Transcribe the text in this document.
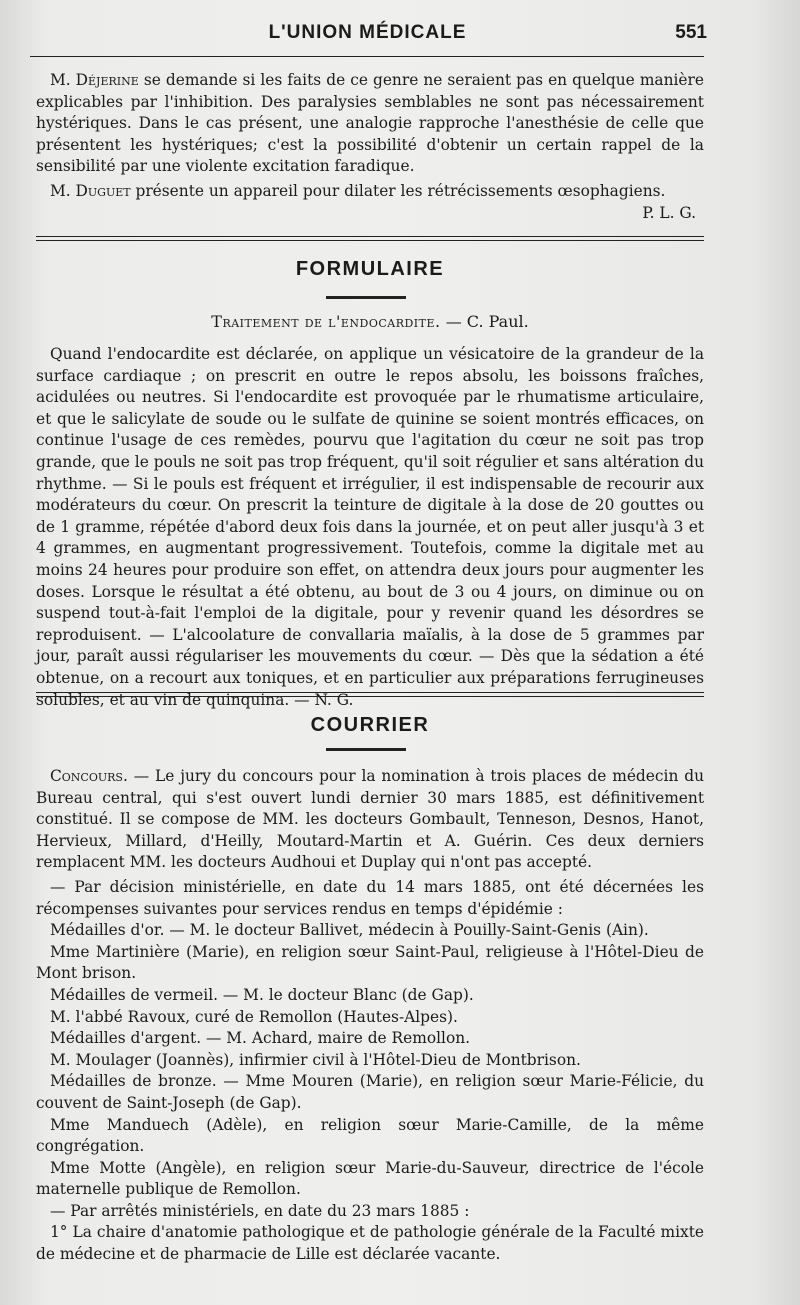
L'UNION MÉDICALE	551

M. Déjerine se demande si les faits de ce genre ne seraient pas en quelque manière explicables par l'inhibition. Des paralysies semblables ne sont pas nécessairement hystériques. Dans le cas présent, une analogie rapproche l'anesthésie de celle que présentent les hystériques; c'est la possibilité d'obtenir un certain rappel de la sensibilité par une violente excitation faradique.

M. Duguet présente un appareil pour dilater les rétrécissements œsophagiens.

P. L. G.

FORMULAIRE
Traitement de l'endocardite. — C. Paul.

Quand l'endocardite est déclarée, on applique un vésicatoire de la grandeur de la surface cardiaque ; on prescrit en outre le repos absolu, les boissons fraîches, acidulées ou neutres. Si l'endocardite est provoquée par le rhumatisme articulaire, et que le salicylate de soude ou le sulfate de quinine se soient montrés efficaces, on continue l'usage de ces remèdes, pourvu que l'agitation du cœur ne soit pas trop grande, que le pouls ne soit pas trop fréquent, qu'il soit régulier et sans altération du rhythme. — Si le pouls est fréquent et irrégulier, il est indispensable de recourir aux modérateurs du cœur. On prescrit la teinture de digitale à la dose de 20 gouttes ou de 1 gramme, répétée d'abord deux fois dans la journée, et on peut aller jusqu'à 3 et 4 grammes, en augmentant progressivement. Toutefois, comme la digitale met au moins 24 heures pour produire son effet, on attendra deux jours pour augmenter les doses. Lorsque le résultat a été obtenu, au bout de 3 ou 4 jours, on diminue ou on suspend tout-à-fait l'emploi de la digitale, pour y revenir quand les désordres se reproduisent. — L'alcoolature de convallaria maïalis, à la dose de 5 grammes par jour, paraît aussi régulariser les mouvements du cœur. — Dès que la sédation a été obtenue, on a recourt aux toniques, et en particulier aux préparations ferrugineuses solubles, et au vin de quinquina. — N. G.

COURRIER

Concours. — Le jury du concours pour la nomination à trois places de médecin du Bureau central, qui s'est ouvert lundi dernier 30 mars 1885, est définitivement constitué. Il se compose de MM. les docteurs Gombault, Tenneson, Desnos, Hanot, Hervieux, Millard, d'Heilly, Moutard-Martin et A. Guérin. Ces deux derniers remplacent MM. les docteurs Audhoui et Duplay qui n'ont pas accepté.

— Par décision ministérielle, en date du 14 mars 1885, ont été décernées les récompenses suivantes pour services rendus en temps d'épidémie :

Médailles d'or. — M. le docteur Ballivet, médecin à Pouilly-Saint-Genis (Ain).

Mme Martinière (Marie), en religion sœur Saint-Paul, religieuse à l'Hôtel-Dieu de Mont brison.

Médailles de vermeil. — M. le docteur Blanc (de Gap).

M. l'abbé Ravoux, curé de Remollon (Hautes-Alpes).

Médailles d'argent. — M. Achard, maire de Remollon.

M. Moulager (Joannès), infirmier civil à l'Hôtel-Dieu de Montbrison.

Médailles de bronze. — Mme Mouren (Marie), en religion sœur Marie-Félicie, du couvent de Saint-Joseph (de Gap).

Mme Manduech (Adèle), en religion sœur Marie-Camille, de la même congrégation.

Mme Motte (Angèle), en religion sœur Marie-du-Sauveur, directrice de l'école maternelle publique de Remollon.

— Par arrêtés ministériels, en date du 23 mars 1885 :

1° La chaire d'anatomie pathologique et de pathologie générale de la Faculté mixte de médecine et de pharmacie de Lille est déclarée vacante.
